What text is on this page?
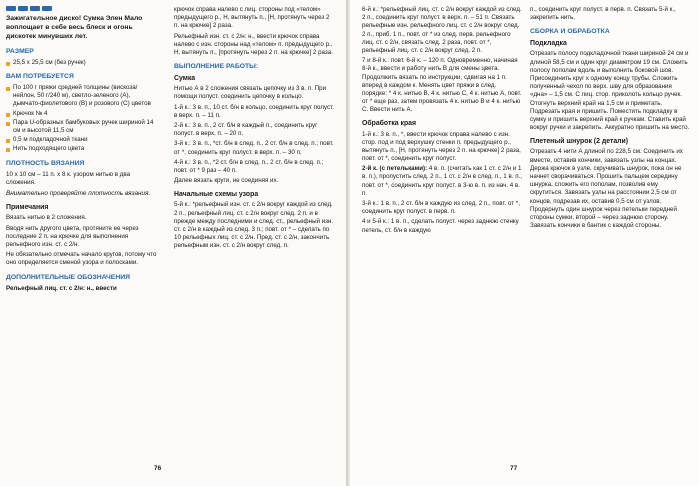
Зажигательное диско! Сумка Элен Мало воплощает в себе весь блеск и огонь дискотек минувших лет.
РАЗМЕР
25,5 х 25,5 см (без ручек)
ВАМ ПОТРЕБУЕТСЯ
По 100 г пряжи средней толщины (вискоза/нейлон, 50 г/240 м), светло-зеленого (А), дымчато-фиолетового (В) и розового (С) цветов
Крючок № 4
Пара U-образных бамбуковых ручек шириной 14 см и высотой 11,5 см
0,5 м подкладочной ткани
Нить подходящего цвета
ПЛОТНОСТЬ ВЯЗАНИЯ
10 х 10 см – 11 п. х 8 к. узором нитью в два сложения.
Внимательно проверяйте плотность вязания.
Примечания
Вязать нитью в 2 сложения.
Вводя нить другого цвета, протяните ее через последние 2 п. на крючке для выполнения рельефного изн. ст. с 2/н.
Не обязательно отмечать начало кругов, потому что оно определяется сменой узора и полосками.
ДОПОЛНИТЕЛЬНЫЕ ОБОЗНАЧЕНИЯ
Рельефный лиц. ст. с 2/н: н., ввести
крючок справа налево с лиц. стороны под «телом» предыдущего р., Н, вытянуть п., [Н, протянуть через 2 п. на крючке] 2 раза.
Рельефный изн. ст. с 2/н: н., ввести крючок справа налево с изн. стороны над «телом» п. предыдущего р., Н, вытянуть п., [протянуть через 2 п. на крючке] 2 раза.
ВЫПОЛНЕНИЕ РАБОТЫ:
Сумка
Нитью А в 2 сложения связать цепочку из 3 в. п. При помощи полуст. соединить цепочку в кольцо.
1-й к.: 3 в. п., 10 ст. б/н в кольцо, соединить круг полуст. в верх. п. – 11 п.
2-й к.: 3 в. п., 2 ст. б/н в каждый п., соединить круг полуст. в верх. п. – 20 п.
3-й к.: 3 в. п., *ст. б/н в след. п., 2 ст. б/н в след. п.; повт. от *, соединить круг полуст. в верх. п. – 30 п.
4-й к.: 3 в. п., *2 ст. б/н в след. п., 2 ст. б/н в след. п.; повт. от * 9 раз – 40 п.
Далее вязать круги, не соединяя их.
Начальные схемы узора
5-й к.: *рельефный изн. ст. с 2/н вокруг каждой из след. 2 п., рельефный лиц. ст. с 2/н вокруг след. 2 п. и в прежде между последними и след. ст., рельефный изн. ст. с 2/н в каждый из след. 3 п.; повт. от * – сделать по 10 рельефных лиц. ст. с 2/н. Пред. ст. с 2/н, закончить рельефным изн. ст. с 2/н вокруг след. п.
76
6-й к.: *рельефный лиц. ст. с 2/н вокруг каждой из след. 2 п., соединить круг полуст. в верх. п. – 51 п. Связать рельефные изн. рельефного лиц. ст. с 2/н вокруг след. 2 п., приб. 1 п., повт. от * из след. перв. рельефного лиц. ст. с 2/н, связать след. 2 раза, повт. от *, рельефный лиц. ст. с 2/н вокруг след. 2 п.
7 и 8-й к.: повт. 6-й к. – 120 п. Одновременно, начиная 8-й к., ввести и работу нить В для смены цвета. Продолжить вязать по инструкции, сдвигая на 1 п. вперед в каждом к. Менять цвет пряжи в след. порядке: * 4 к. нитью В, 4 к. нитью С, 4 к. нитью А, повт. от * еще раз, затем провязать 4 к. нитью В и 4 к. нитью С. Ввести нить А.
Обработка края
1-й к.: 3 в. п., *, ввести крючок справа налево с изн. стор. под и под верхушку стенки п. предыдущего р., вытянуть п., [Н, протянуть через 2 п. на крючке] 2 раза, повт. от *, соединить круг полуст.
2-й к. (с петельками): 4 в. п. (считать как 1 ст. с 2/н и 1 в. п.), пропустить след. 2 п., 1 ст. с 2/н в след. п., 1 в. п., повт. от *, соединить круг полуст. в 3-ю в. п. из нач. 4 в. п.
3-й к.: 1 в. п., 2 ст. б/н в каждую из след. 2 п., повт. от *, соединить круг полуст. в перв. п.
4 и 5-й к.: 1 в. п., сделать полуст. через заднюю стенку петель, ст. б/н в каждую
п., соединить круг полуст. в перв. п. Связать 5-й к., закрепить нить.
СБОРКА И ОБРАБОТКА
Подкладка
Отрезать полосу подкладочной ткани шириной 24 см и длиной 58,5 см и один круг диаметром 19 см. Сложить полосу пополам вдоль и выполнить боковой шов. Присоединить круг к одному концу трубы. Сложить полученный чехол по верх. шву для образования «дна» – 1,5 см. С лиц. стор. приколоть кольцо ручек. Отогнуть верхний край на 1,5 см и приметать. Подрезать края и пришить. Поместить подкладку в сумку и пришить верхний край к ручкам. Ставить край вокруг ручки и закрепить. Аккуратно пришить на место.
Плетеный шнурок (2 детали)
Отрезать 4 нити А длиной по 228,5 см. Соединить их вместе, оставив кончики, завязать узлы на концах. Держа крючок в узле, скручивать шнурок, пока он не начнет сворачиваться. Прошить пальцем середину шнурка, сложить его пополам, позволив ему скрутиться. Завязать узлы на расстоянии 2,5 см от концов, подрезав их, оставив 0,5 см от узлов. Продернуть один шнурок через петельки передней стороны сумки, второй – через заднюю сторону. Завязать кончики в бантик с каждой стороны.
77
